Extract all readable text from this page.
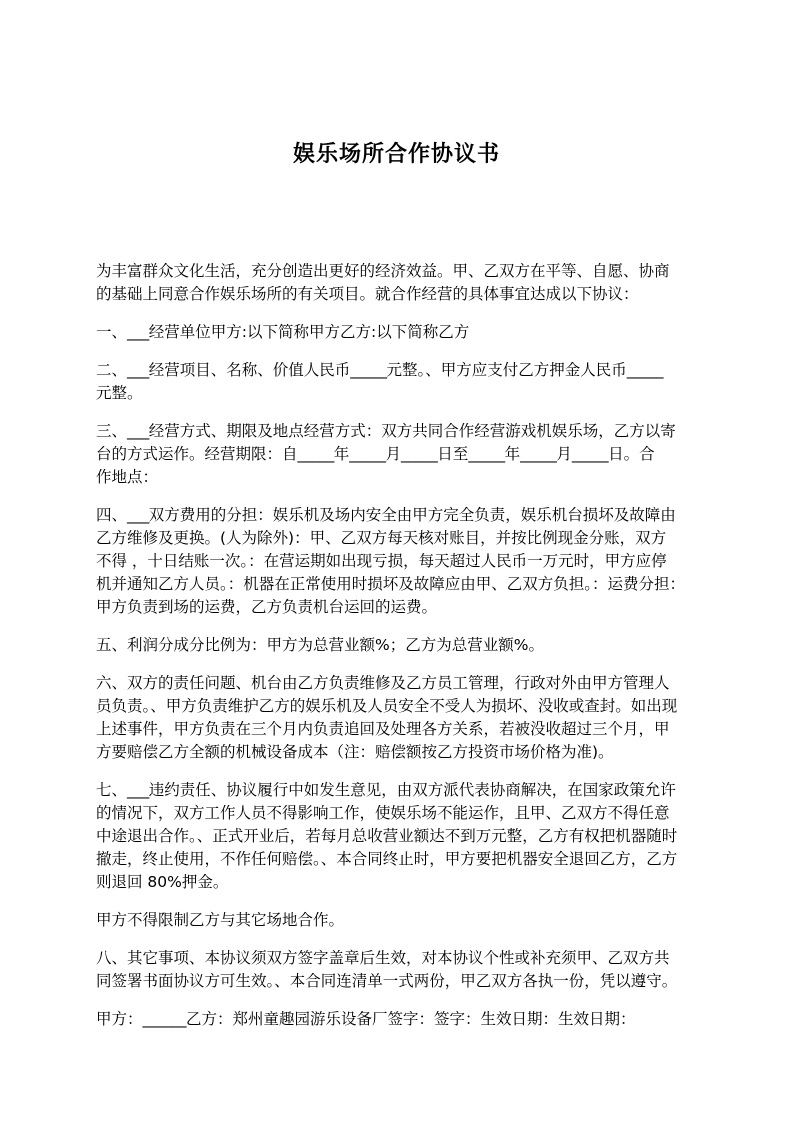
娱乐场所合作协议书
为丰富群众文化生活，充分创造出更好的经济效益。甲、乙双方在平等、自愿、协商
的基础上同意合作娱乐场所的有关项目。就合作经营的具体事宜达成以下协议：
一、___经营单位甲方:以下简称甲方乙方:以下简称乙方
二、___经营项目、名称、价值人民币_____元整。、甲方应支付乙方押金人民币_____
元整。
三、___经营方式、期限及地点经营方式：双方共同合作经营游戏机娱乐场，乙方以寄
台的方式运作。经营期限：自_____年_____月_____日至_____年_____月_____日。合
作地点：
四、___双方费用的分担：娱乐机及场内安全由甲方完全负责，娱乐机台损坏及故障由
乙方维修及更换。(人为除外)：甲、乙双方每天核对账目，并按比例现金分账，双方
不得 ，十日结账一次。：在营运期如出现亏损，每天超过人民币一万元时，甲方应停
机并通知乙方人员。：机器在正常使用时损坏及故障应由甲、乙双方负担。：运费分担：
甲方负责到场的运费，乙方负责机台运回的运费。
五、利润分成分比例为：甲方为总营业额%；乙方为总营业额%。
六、双方的责任问题、机台由乙方负责维修及乙方员工管理，行政对外由甲方管理人
员负责。、甲方负责维护乙方的娱乐机及人员安全不受人为损坏、没收或查封。如出现
上述事件，甲方负责在三个月内负责追回及处理各方关系，若被没收超过三个月，甲
方要赔偿乙方全额的机械设备成本（注：赔偿额按乙方投资市场价格为准)。
七、___违约责任、协议履行中如发生意见，由双方派代表协商解决，在国家政策允许
的情况下，双方工作人员不得影响工作，使娱乐场不能运作，且甲、乙双方不得任意
中途退出合作。、正式开业后，若每月总收营业额达不到万元整，乙方有权把机器随时
撤走，终止使用，不作任何赔偿。、本合同终止时，甲方要把机器安全退回乙方，乙方
则退回 80%押金。
甲方不得限制乙方与其它场地合作。
八、其它事项、本协议须双方签字盖章后生效，对本协议个性或补充须甲、乙双方共
同签署书面协议方可生效。、本合同连清单一式两份，甲乙双方各执一份，凭以遵守。
甲方：______乙方：郑州童趣园游乐设备厂签字：签字：生效日期：生效日期：
